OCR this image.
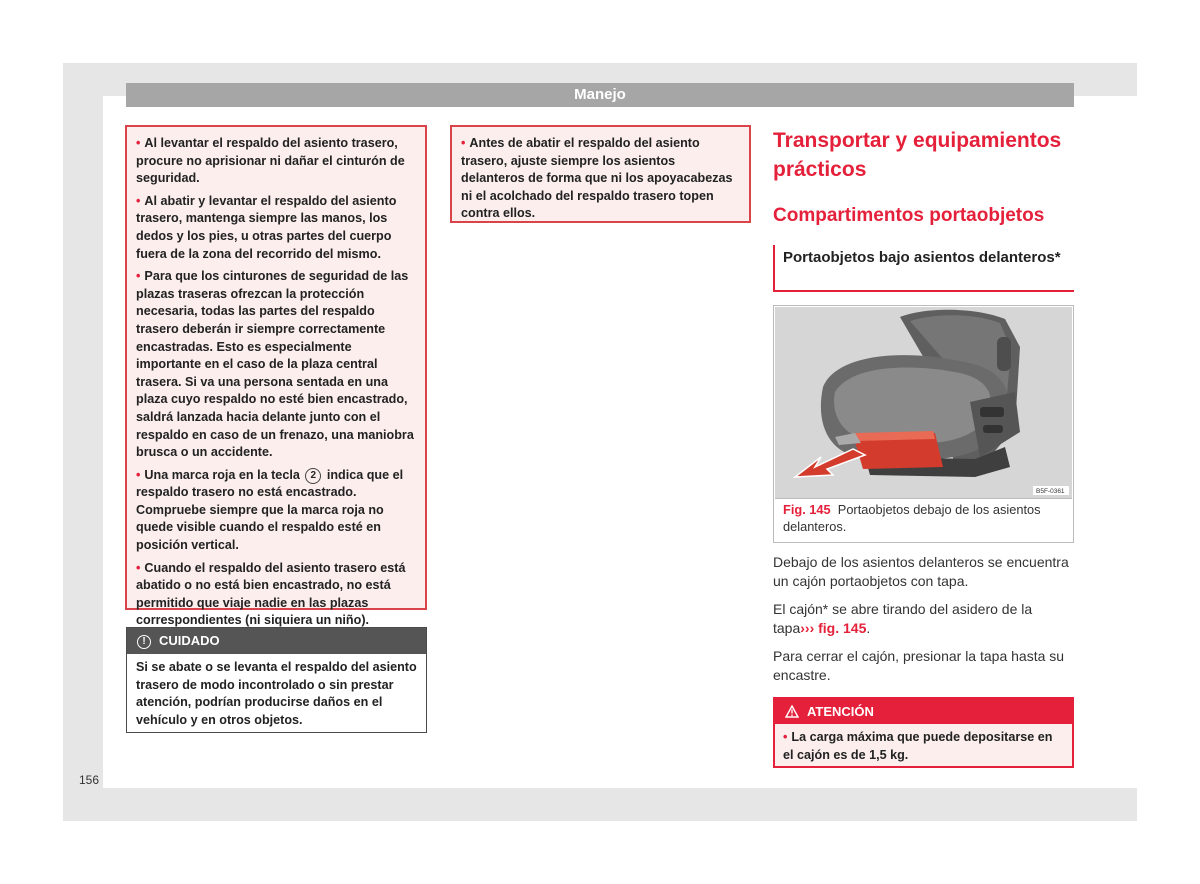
Manejo

• Al levantar el respaldo del asiento trasero, procure no aprisionar ni dañar el cinturón de seguridad.

• Al abatir y levantar el respaldo del asiento trasero, mantenga siempre las manos, los dedos y los pies, u otras partes del cuerpo fuera de la zona del recorrido del mismo.

• Para que los cinturones de seguridad de las plazas traseras ofrezcan la protección necesaria, todas las partes del respaldo trasero deberán ir siempre correctamente encastradas. Esto es especialmente importante en el caso de la plaza central trasera. Si va una persona sentada en una plaza cuyo respaldo no esté bien encastrado, saldrá lanzada hacia delante junto con el respaldo en caso de un frenazo, una maniobra brusca o un accidente.

• Una marca roja en la tecla 2 indica que el respaldo trasero no está encastrado. Compruebe siempre que la marca roja no quede visible cuando el respaldo esté en posición vertical.

• Cuando el respaldo del asiento trasero está abatido o no está bien encastrado, no está permitido que viaje nadie en las plazas correspondientes (ni siquiera un niño).

! CUIDADO
Si se abate o se levanta el respaldo del asiento trasero de modo incontrolado o sin prestar atención, podrían producirse daños en el vehículo y en otros objetos.

• Antes de abatir el respaldo del asiento trasero, ajuste siempre los asientos delanteros de forma que ni los apoyacabezas ni el acolchado del respaldo trasero topen contra ellos.

Transportar y equipamientos prácticos
Compartimentos portaobjetos
Portaobjetos bajo asientos delanteros*
B5F-0361
Fig. 145 Portaobjetos debajo de los asientos delanteros.

Debajo de los asientos delanteros se encuentra un cajón portaobjetos con tapa.

El cajón* se abre tirando del asidero de la tapa››› fig. 145.

Para cerrar el cajón, presionar la tapa hasta su encastre.

ATENCIÓN
• La carga máxima que puede depositarse en el cajón es de 1,5 kg.
156
